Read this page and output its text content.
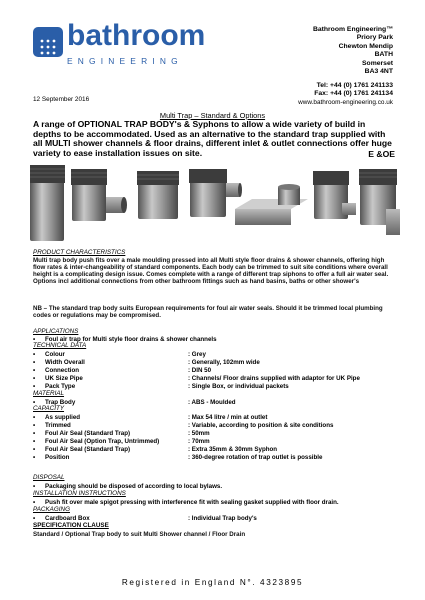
bathroom
ENGINEERING
Bathroom Engineering™
Priory Park
Chewton Mendip
BATH
Somerset
BA3 4NT
Tel: +44 (0) 1761 241133
Fax: +44 (0) 1761 241134
www.bathroom-engineering.co.uk
12 September 2016
Multi Trap – Standard & Options
A range of OPTIONAL TRAP BODY's & Syphons to allow a wide variety of build in depths to be accommodated. Used as an alternative to the standard trap supplied with all MULTI shower channels & floor drains, different inlet & outlet connections offer huge variety to ease installation issues on site.	E &OE
PRODUCT CHARACTERISTICS
Multi trap body push fits over a male moulding pressed into all Multi style floor drains & shower channels, offering high flow rates & inter-changeability of standard components. Each body can be trimmed to suit site conditions where overall height is a complicating design issue. Comes complete with a range of different trap siphons to offer a full air water seal. Options incl additional connections from other bathroom fittings such as hand basins, baths or other shower's
NB – The standard trap body suits European requirements for foul air water seals. Should it be trimmed local plumbing codes or regulations may be compromised.
APPLICATIONS
• Foul air trap for Multi style floor drains & shower channels
TECHNICAL DATA
• Colour	: Grey
• Width Overall	: Generally, 102mm wide
• Connection	: DIN 50
• UK Size Pipe	: Channels/ Floor drains supplied with adaptor for UK Pipe
• Pack Type	: Single Box, or individual packets
MATERIAL
• Trap Body	: ABS - Moulded
CAPACITY
• As supplied	: Max 54 litre / min at outlet
• Trimmed	: Variable, according to position & site conditions
• Foul Air Seal (Standard Trap)	: 50mm
• Foul Air Seal (Option Trap, Untrimmed)	: 70mm
• Foul Air Seal (Standard Trap)	: Extra 35mm & 30mm Syphon
• Position	: 360-degree rotation of trap outlet is possible
DISPOSAL
• Packaging should be disposed of according to local bylaws.
INSTALLATION INSTRUCTIONS
• Push fit over male spigot pressing with interference fit with sealing gasket supplied with floor drain.
PACKAGING
• Cardboard Box	: Individual Trap body's
SPECIFICATION CLAUSE
Standard / Optional Trap body to suit Multi Shower channel / Floor Drain
Registered in England N°. 4323895
